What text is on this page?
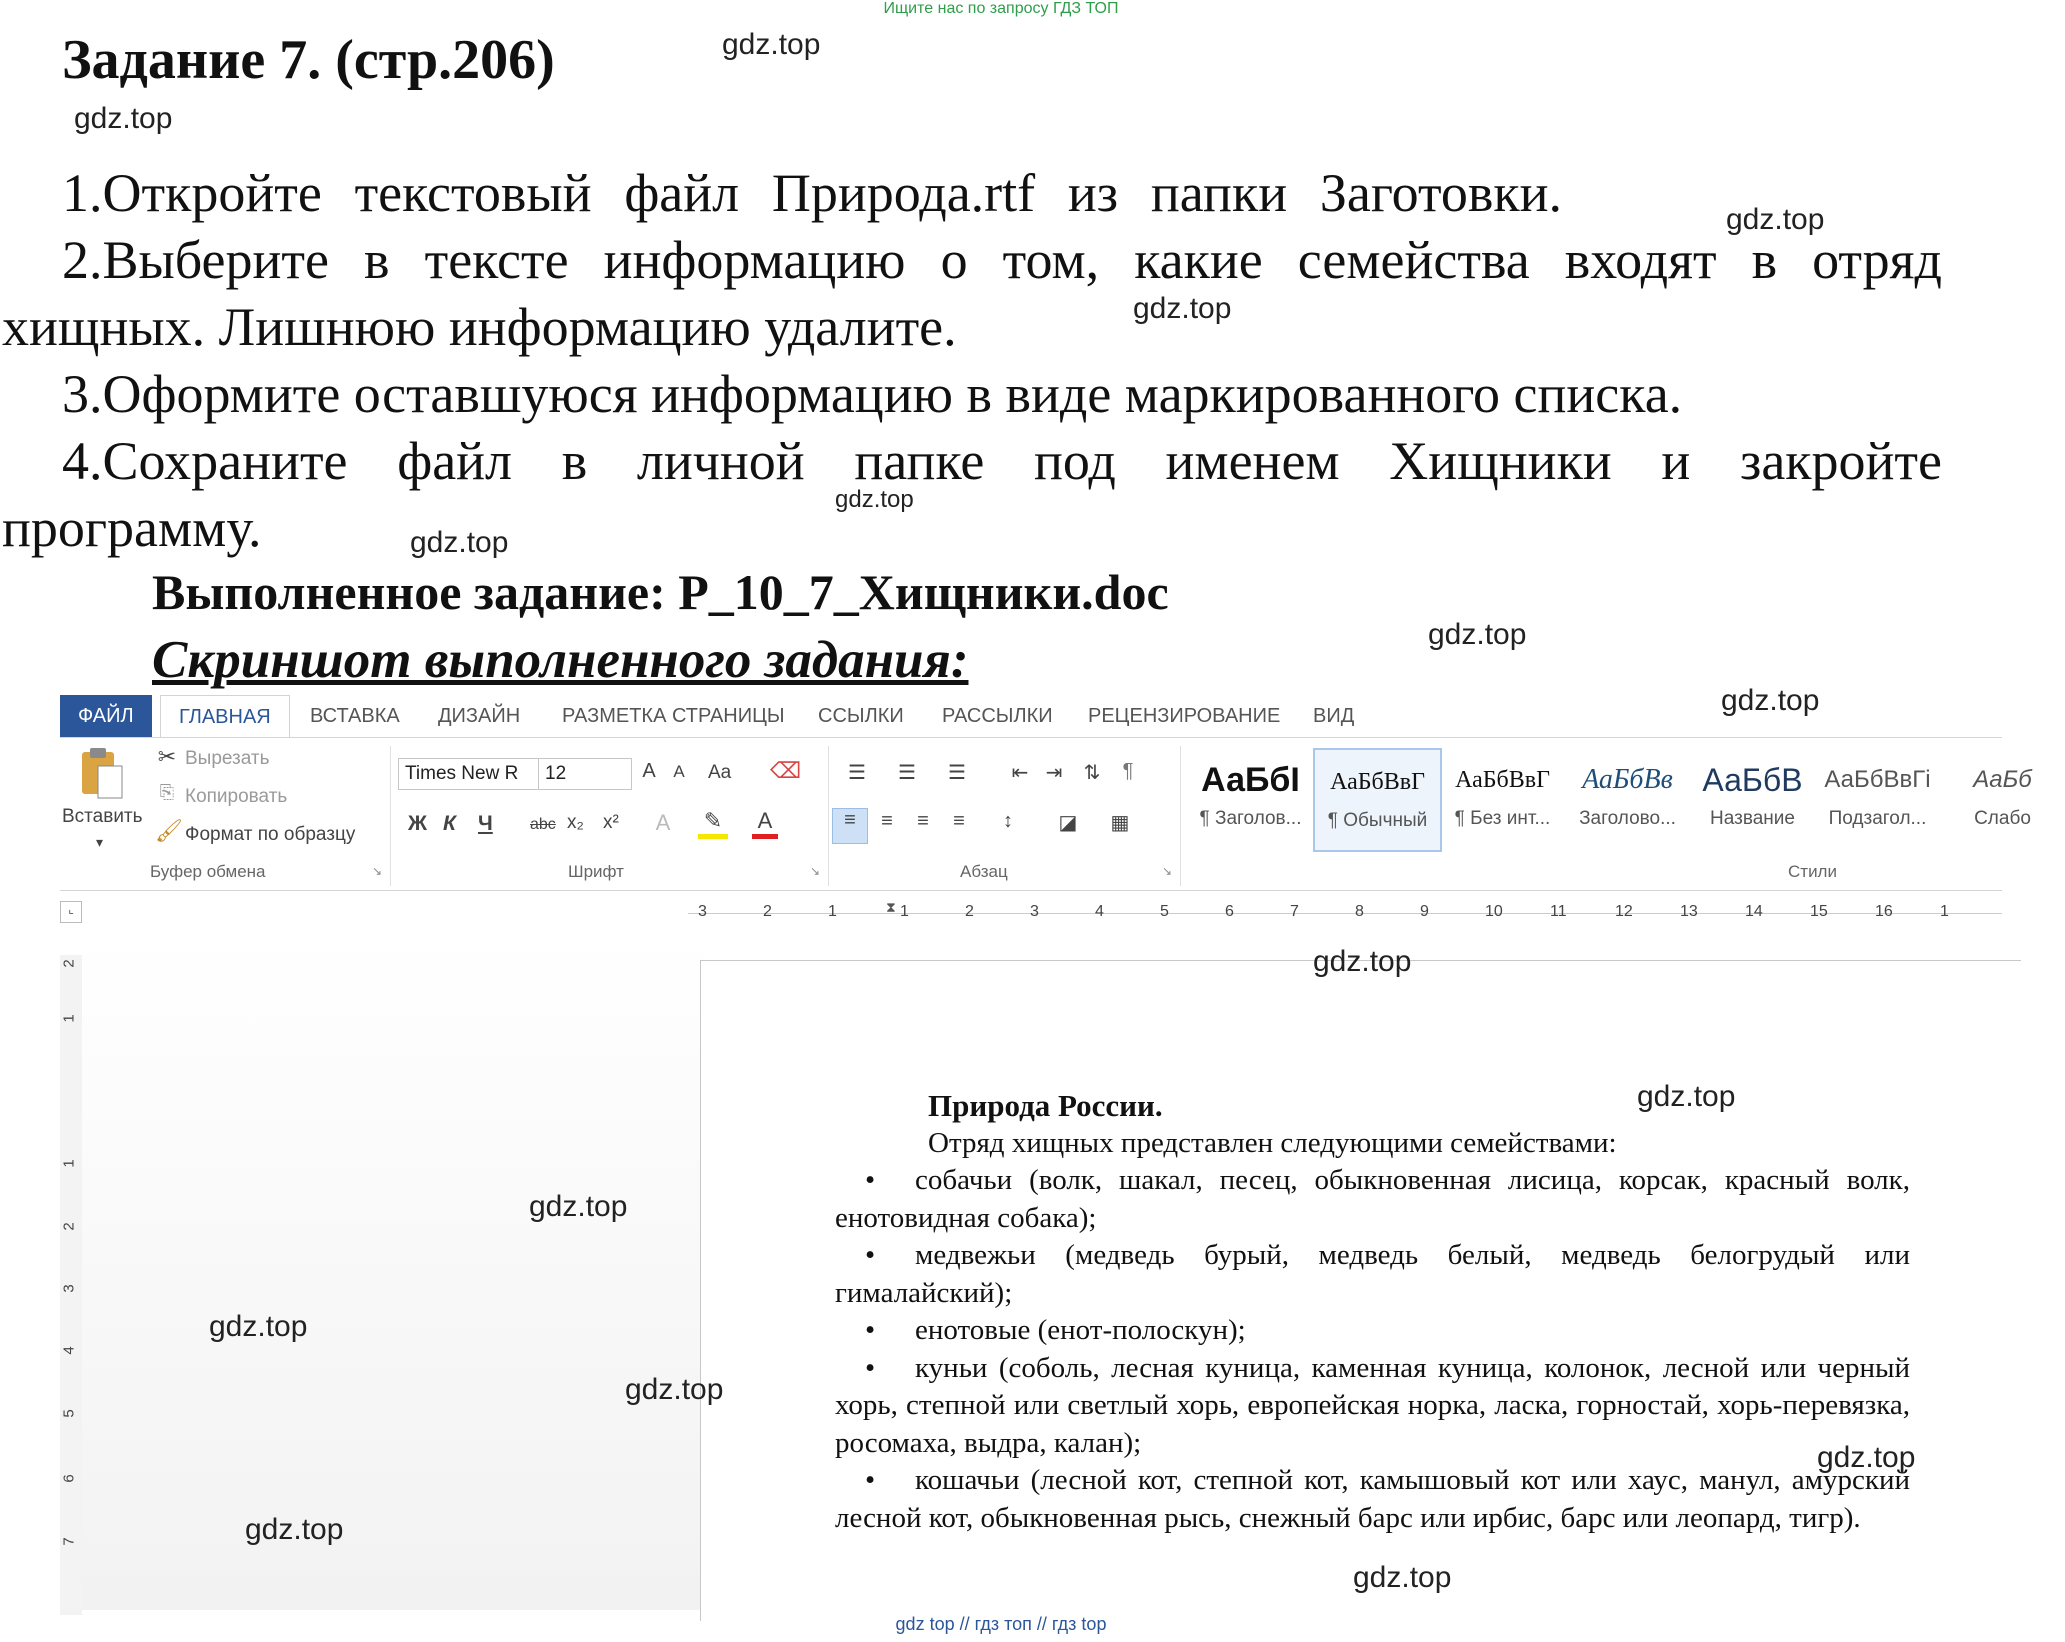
Ищите нас по запросу ГДЗ ТОП
Задание 7. (стр.206)
1.Откройте текстовый файл Природа.rtf из папки Заготовки.
2.Выберите в тексте информацию о том, какие семейства входят в отряд
хищных. Лишнюю информацию удалите.
3.Оформите оставшуюся информацию в виде маркированного списка.
4.Сохраните файл в личной папке под именем Хищники и закройте
программу.
Выполненное задание: Р_10_7_Хищники.doc
Скриншот выполненного задания:
ФАЙЛ	ГЛАВНАЯ	ВСТАВКА ДИЗАЙН РАЗМЕТКА СТРАНИЦЫ ССЫЛКИ РАССЫЛКИ РЕЦЕНЗИРОВАНИЕ ВИД
Вставить
▾
✂ Вырезать
⎘ Копировать
🖌 Формат по образцу
Буфер обмена	↘
Times New R	12	A	A Aa ⌫
Ж К Ч abc x₂ x² A ✎ A
Шрифт	↘
☰	☰	☰	⇤ ⇥ ⇅	¶
≡	≡	≡	≡	↕	◪	▦
Абзац	↘
АаБбІ
¶ Заголов...
АаБбВвГ
¶ Обычный
АаБбВвГ
¶ Без инт...
АаБбВв
Заголово...
АаБбВ
Название
АаБбВвГі
Подзагол...
АаБб
Слабо
Стили
⌞	⧗
3	2	1	1	2	3	4	5	6	7	8	9	10	11	12	13	14	15	16	1
2
1
1
2
3
4
5
6
7
Природа России.
Отряд хищных представлен следующими семействами:
• собачьи (волк, шакал, песец, обыкновенная лисица, корсак, красный волк, енотовидная собака);
• медвежьи (медведь бурый, медведь белый, медведь белогрудый или гималайский);
• енотовые (енот-полоскун);
• куньи (соболь, лесная куница, каменная куница, колонок, лесной или черный хорь, степной или светлый хорь, европейская норка, ласка, горностай, хорь-перевязка, росомаха, выдра, калан);
• кошачьи (лесной кот, степной кот, камышовый кот или хаус, манул, амурский лесной кот, обыкновенная рысь, снежный барс или ирбис, барс или леопард, тигр).
gdz.top
gdz.top
gdz.top
gdz.top
gdz.top
gdz.top
gdz.top
gdz.top
gdz.top
gdz.top
gdz.top
gdz.top
gdz.top
gdz.top
gdz.top
gdz.top
gdz top // гдз топ // гдз top
